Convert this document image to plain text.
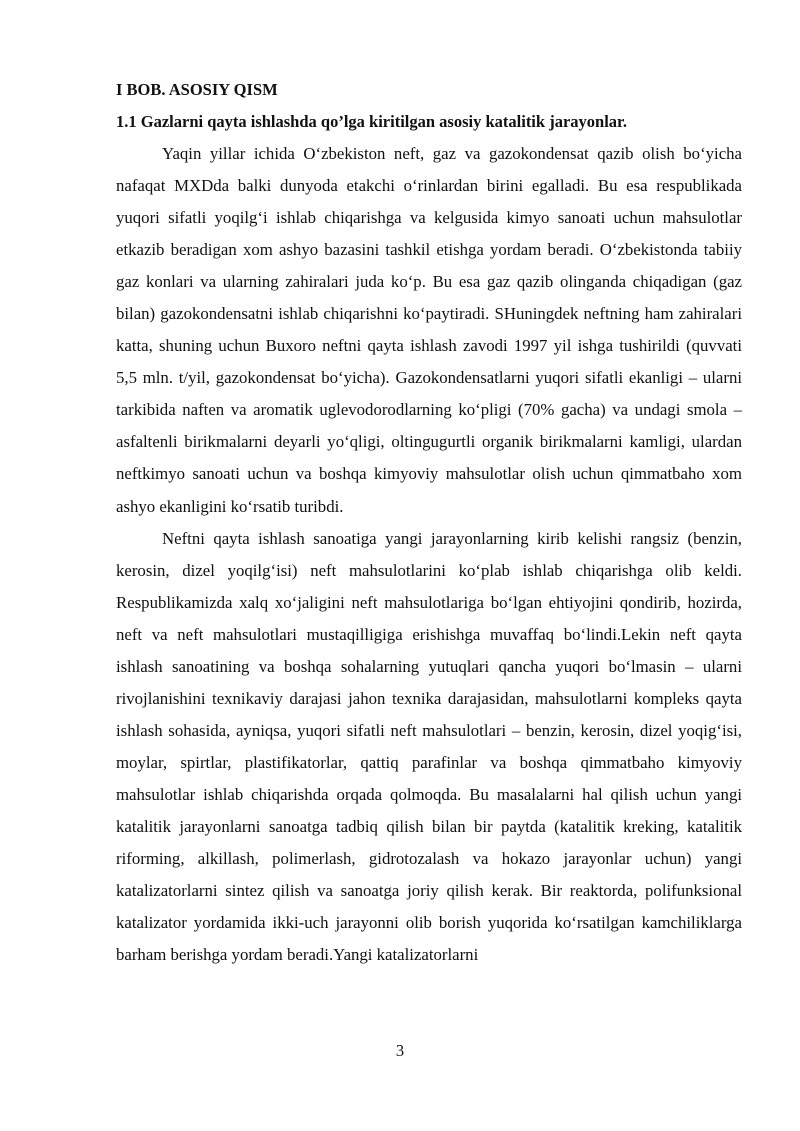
I BOB. ASOSIY QISM
1.1 Gazlarni qayta ishlashda qo’lga kiritilgan asosiy katalitik jarayonlar.

Yaqin yillar ichida O‘zbekiston neft, gaz va gazokondensat qazib olish bo‘yicha nafaqat MXDda balki dunyoda etakchi o‘rinlardan birini egalladi. Bu esa respublikada yuqori sifatli yoqilg‘i ishlab chiqarishga va kelgusida kimyo sanoati uchun mahsulotlar etkazib beradigan xom ashyo bazasini tashkil etishga yordam beradi. O‘zbekistonda tabiiy gaz konlari va ularning zahiralari juda ko‘p. Bu esa gaz qazib olinganda chiqadigan (gaz bilan) gazokondensatni ishlab chiqarishni ko‘paytiradi. SHuningdek neftning ham zahiralari katta, shuning uchun Buxoro neftni qayta ishlash zavodi 1997 yil ishga tushirildi (quvvati 5,5 mln. t/yil, gazokondensat bo‘yicha). Gazokondensatlarni yuqori sifatli ekanligi – ularni tarkibida naften va aromatik uglevodorodlarning ko‘pligi (70% gacha) va undagi smola – asfaltenli birikmalarni deyarli yo‘qligi, oltingugurtli organik birikmalarni kamligi, ulardan neftkimyo sanoati uchun va boshqa kimyoviy mahsulotlar olish uchun qimmatbaho xom ashyo ekanligini ko‘rsatib turibdi.

Neftni qayta ishlash sanoatiga yangi jarayonlarning kirib kelishi rangsiz (benzin, kerosin, dizel yoqilg‘isi) neft mahsulotlarini ko‘plab ishlab chiqarishga olib keldi. Respublikamizda xalq xo‘jaligini neft mahsulotlariga bo‘lgan ehtiyojini qondirib, hozirda, neft va neft mahsulotlari mustaqilligiga erishishga muvaffaq bo‘lindi.Lekin neft qayta ishlash sanoatining va boshqa sohalarning yutuqlari qancha yuqori bo‘lmasin – ularni rivojlanishini texnikaviy darajasi jahon texnika darajasidan, mahsulotlarni kompleks qayta ishlash sohasida, ayniqsa, yuqori sifatli neft mahsulotlari – benzin, kerosin, dizel yoqig‘isi, moylar, spirtlar, plastifikatorlar, qattiq parafinlar va boshqa qimmatbaho kimyoviy mahsulotlar ishlab chiqarishda orqada qolmoqda. Bu masalalarni hal qilish uchun yangi katalitik jarayonlarni sanoatga tadbiq qilish bilan bir paytda (katalitik kreking, katalitik riforming, alkillash, polimerlash, gidrotozalash va hokazo jarayonlar uchun) yangi katalizatorlarni sintez qilish va sanoatga joriy qilish kerak. Bir reaktorda, polifunksional katalizator yordamida ikki-uch jarayonni olib borish yuqorida ko‘rsatilgan kamchiliklarga barham berishga yordam beradi.Yangi katalizatorlarni

3
